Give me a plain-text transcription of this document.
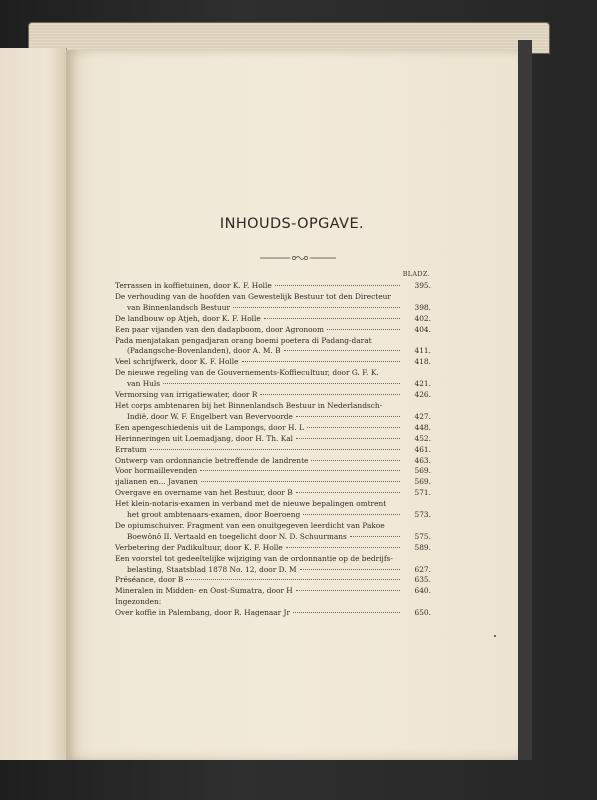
INHOUDS-OPGAVE.
BLADZ.
Terrassen in koffietuinen, door K. F. Holle	395.
De verhouding van de hoofden van Gewestelijk Bestuur tot den Directeur
van Binnenlandsch Bestuur	398.
De landbouw op Atjeh, door K. F. Holle	402.
Een paar vijanden van den dadapboom, door Agronoom	404.
Pada menjatakan pengadjaran orang boemi poetera di Padang-darat
(Padangsche-Bovenlanden), door A. M. B	411.
Veel schrijfwerk, door K. F. Holle	418.
De nieuwe regeling van de Gouvernements-Koffiecultuur, door G. F. K.
van Huls	421.
Vermorsing van irrigatiewater, door R	426.
Het corps ambtenaren bij het Binnenlandsch Bestuur in Nederlandsch-
Indië, door W. F. Engelbert van Bevervoorde	427.
Een apengeschiedenis uit de Lampongs, door H. L	448.
Herinneringen uit Loemadjang, door H. Th. Kal	452.
Erratum	461.
Ontwerp van ordonnancie betreffende de landrente	463.
Voor hormaillevenden	569.
ıjalianen en... Javanen	569.
Overgave en overname van het Bestuur, door B	571.
Het klein-notaris-examen in verband met de nieuwe bepalingen omtrent
het groot ambtenaars-examen, door Boeroeng	573.
De opiumschuiver. Fragment van een onuitgegeven leerdicht van Pakoe
Boewônô II. Vertaald en toegelicht door N. D. Schuurmans	575.
Verbetering der Padikultuur, door K. F. Holle	589.
Een voorstel tot gedeeltelijke wijziging van de ordonnantie op de bedrijfs-
belasting, Staatsblad 1878 No. 12, door D. M	627.
Préséance, door B	635.
Mineralen in Midden- en Oost-Sumatra, door H	640.
Ingezonden:
Over koffie in Palembang, door R. Hagenaar Jr	650.
